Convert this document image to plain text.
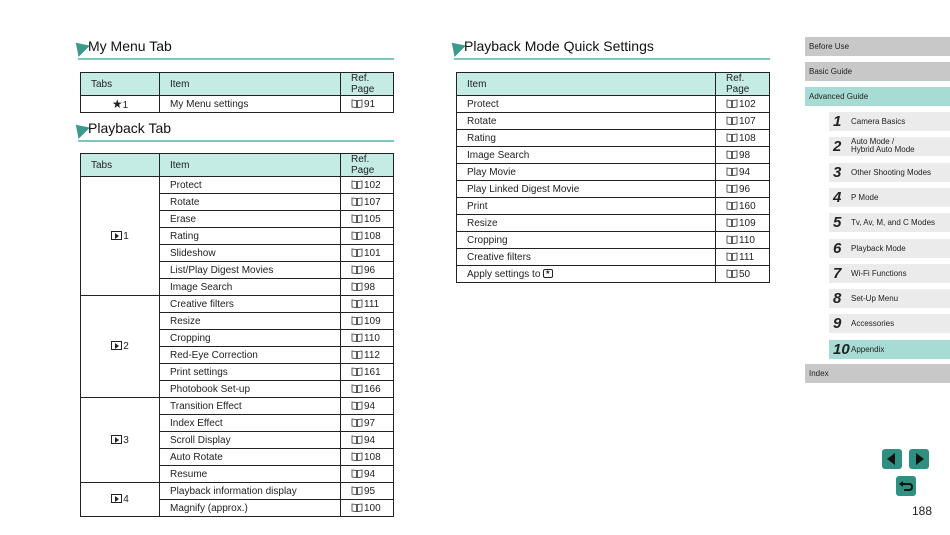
My Menu Tab
Playback Tab
Playback Mode Quick Settings
Tabs	Item	Ref. Page
★1	My Menu settings	91
Tabs	Item	Ref. Page
1	Protect	102
	Rotate	107
	Erase	105
	Rating	108
	Slideshow	101
	List/Play Digest Movies	96
	Image Search	98
2	Creative filters	111
	Resize	109
	Cropping	110
	Red-Eye Correction	112
	Print settings	161
	Photobook Set-up	166
3	Transition Effect	94
	Index Effect	97
	Scroll Display	94
	Auto Rotate	108
	Resume	94
4	Playback information display	95
	Magnify (approx.)	100
Item	Ref. Page
Protect	102
Rotate	107
Rating	108
Image Search	98
Play Movie	94
Play Linked Digest Movie	96
Print	160
Resize	109
Cropping	110
Creative filters	111
Apply settings to ★	50
Before Use
Basic Guide
Advanced Guide
1 Camera Basics
2 Auto Mode /
Hybrid Auto Mode
3 Other Shooting Modes
4 P Mode
5 Tv, Av, M, and C Modes
6 Playback Mode
7 Wi-Fi Functions
8 Set-Up Menu
9 Accessories
10 Appendix
Index
188
